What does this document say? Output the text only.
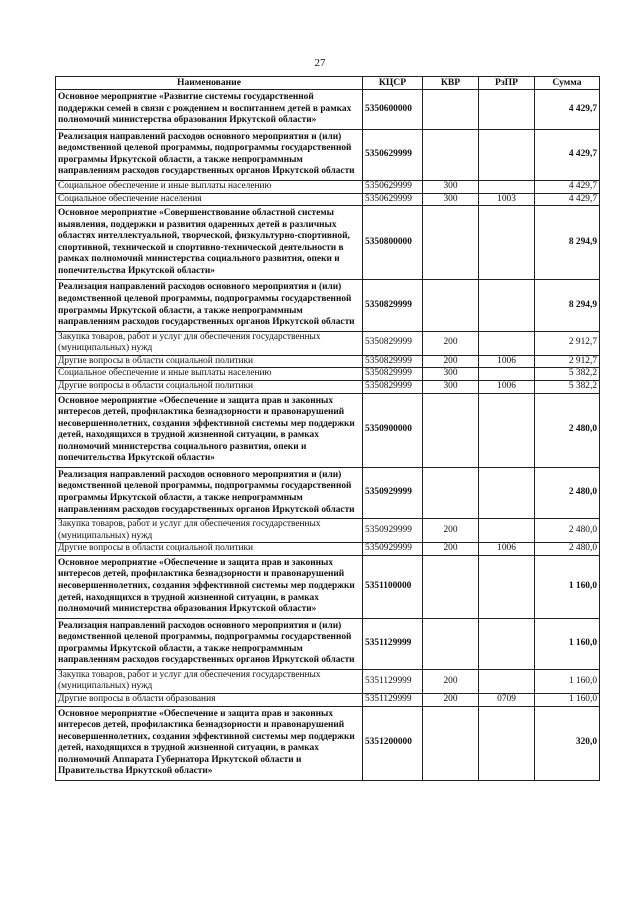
27
Наименование	КЦСР	КВР	РзПР	Сумма
Основное мероприятие «Развитие системы государственной поддержки семей в связи с рождением и воспитанием детей в рамках полномочий министерства образования Иркутской области»	5350600000			4 429,7
Реализация направлений расходов основного мероприятия и (или) ведомственной целевой программы, подпрограммы государственной программы Иркутской области, а также непрограммным направлениям расходов государственных органов Иркутской области	5350629999			4 429,7
Социальное обеспечение и иные выплаты населению	5350629999	300		4 429,7
Социальное обеспечение населения	5350629999	300	1003	4 429,7
Основное мероприятие «Совершенствование областной системы выявления, поддержки и развития одаренных детей в различных областях интеллектуальной, творческой, физкультурно-спортивной, спортивной, технической и спортивно-технической деятельности в рамках полномочий министерства социального развития, опеки и попечительства Иркутской области»	5350800000			8 294,9
Реализация направлений расходов основного мероприятия и (или) ведомственной целевой программы, подпрограммы государственной программы Иркутской области, а также непрограммным направлениям расходов государственных органов Иркутской области	5350829999			8 294,9
Закупка товаров, работ и услуг для обеспечения государственных (муниципальных) нужд	5350829999	200		2 912,7
Другие вопросы в области социальной политики	5350829999	200	1006	2 912,7
Социальное обеспечение и иные выплаты населению	5350829999	300		5 382,2
Другие вопросы в области социальной политики	5350829999	300	1006	5 382,2
Основное мероприятие «Обеспечение и защита прав и законных интересов детей, профилактика безнадзорности и правонарушений несовершеннолетних, создания эффективной системы мер поддержки детей, находящихся в трудной жизненной ситуации, в рамках полномочий министерства социального развития, опеки и попечительства Иркутской области»	5350900000			2 480,0
Реализация направлений расходов основного мероприятия и (или) ведомственной целевой программы, подпрограммы государственной программы Иркутской области, а также непрограммным направлениям расходов государственных органов Иркутской области	5350929999			2 480,0
Закупка товаров, работ и услуг для обеспечения государственных (муниципальных) нужд	5350929999	200		2 480,0
Другие вопросы в области социальной политики	5350929999	200	1006	2 480,0
Основное мероприятие «Обеспечение и защита прав и законных интересов детей, профилактика безнадзорности и правонарушений несовершеннолетних, создания эффективной системы мер поддержки детей, находящихся в трудной жизненной ситуации, в рамках полномочий министерства образования Иркутской области»	5351100000			1 160,0
Реализация направлений расходов основного мероприятия и (или) ведомственной целевой программы, подпрограммы государственной программы Иркутской области, а также непрограммным направлениям расходов государственных органов Иркутской области	5351129999			1 160,0
Закупка товаров, работ и услуг для обеспечения государственных (муниципальных) нужд	5351129999	200		1 160,0
Другие вопросы в области образования	5351129999	200	0709	1 160,0
Основное мероприятие «Обеспечение и защита прав и законных интересов детей, профилактика безнадзорности и правонарушений несовершеннолетних, создания эффективной системы мер поддержки детей, находящихся в трудной жизненной ситуации, в рамках полномочий Аппарата Губернатора Иркутской области и Правительства Иркутской области»	5351200000			320,0
